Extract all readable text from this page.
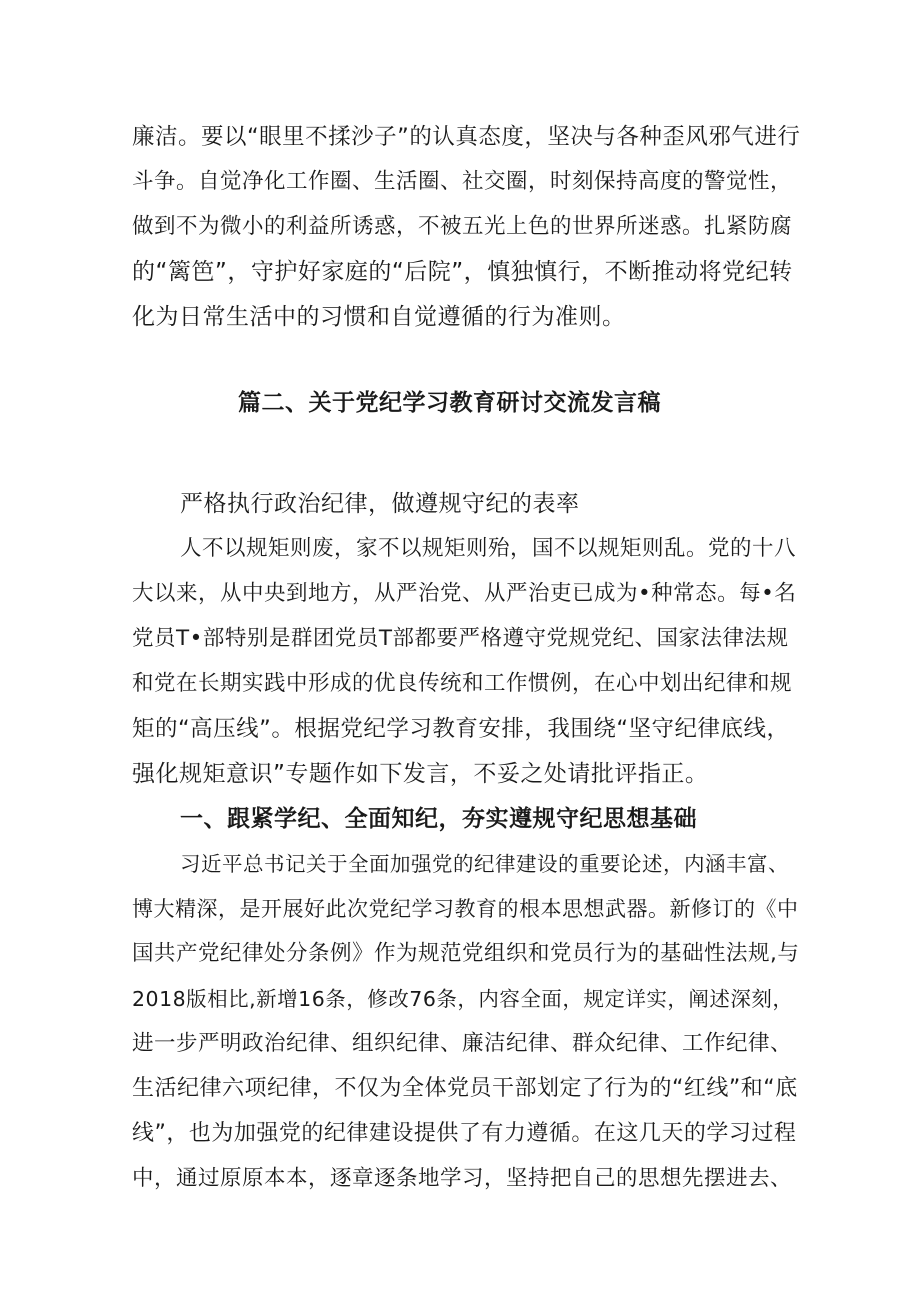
廉洁。要以“眼里不揉沙子”的认真态度，坚决与各种歪风邪气进行
斗争。自觉净化工作圈、生活圈、社交圈，时刻保持高度的警觉性，
做到不为微小的利益所诱惑，不被五光上色的世界所迷惑。扎紧防腐
的“篱笆”，守护好家庭的“后院”，慎独慎行，不断推动将党纪转
化为日常生活中的习惯和自觉遵循的行为准则。
篇二、关于党纪学习教育研讨交流发言稿
严格执行政治纪律，做遵规守纪的表率
人不以规矩则废，家不以规矩则殆，国不以规矩则乱。党的十八
大以来，从中央到地方，从严治党、从严治吏已成为•种常态。每•名
党员T•部特别是群团党员T部都要严格遵守党规党纪、国家法律法规
和党在长期实践中形成的优良传统和工作惯例，在心中划出纪律和规
矩的“高压线”。根据党纪学习教育安排，我围绕“坚守纪律底线，
强化规矩意识”专题作如下发言，不妥之处请批评指正。
一、跟紧学纪、全面知纪，夯实遵规守纪思想基础
习近平总书记关于全面加强党的纪律建设的重要论述，内涵丰富、
博大精深，是开展好此次党纪学习教育的根本思想武器。新修订的《中
国共产党纪律处分条例》作为规范党组织和党员行为的基础性法规,与
2018版相比,新增16条，修改76条，内容全面，规定详实，阐述深刻，
进一步严明政治纪律、组织纪律、廉洁纪律、群众纪律、工作纪律、
生活纪律六项纪律，不仅为全体党员干部划定了行为的“红线”和“底
线”，也为加强党的纪律建设提供了有力遵循。在这几天的学习过程
中，通过原原本本，逐章逐条地学习，坚持把自己的思想先摆进去、
